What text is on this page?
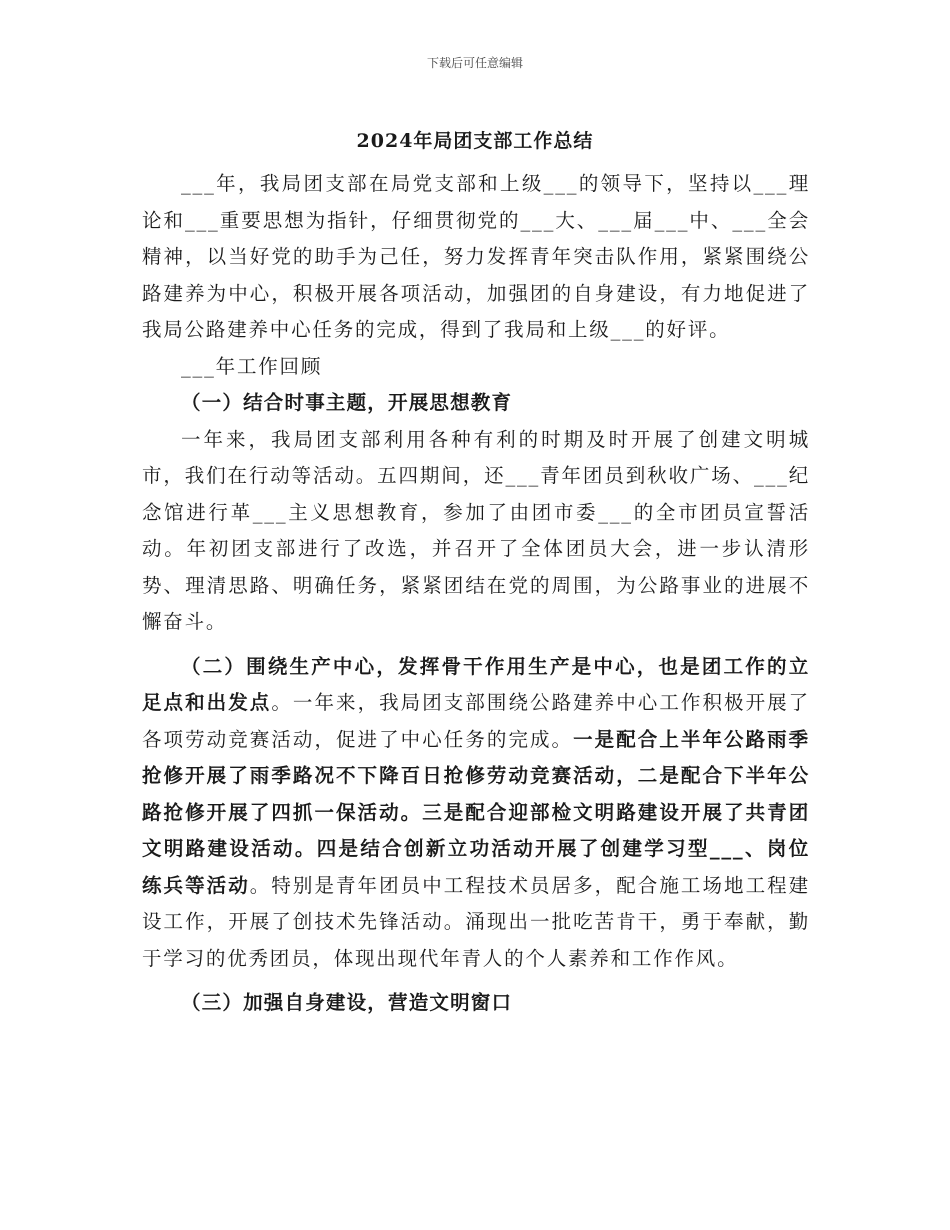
下载后可任意编辑
2024年局团支部工作总结

___年，我局团支部在局党支部和上级___的领导下，坚持以___理论和___重要思想为指针，仔细贯彻党的___大、___届___中、___全会精神，以当好党的助手为己任，努力发挥青年突击队作用，紧紧围绕公路建养为中心，积极开展各项活动，加强团的自身建设，有力地促进了我局公路建养中心任务的完成，得到了我局和上级___的好评。

___年工作回顾

（一）结合时事主题，开展思想教育

一年来，我局团支部利用各种有利的时期及时开展了创建文明城市，我们在行动等活动。五四期间，还___青年团员到秋收广场、___纪念馆进行革___主义思想教育，参加了由团市委___的全市团员宣誓活动。年初团支部进行了改选，并召开了全体团员大会，进一步认清形势、理清思路、明确任务，紧紧团结在党的周围，为公路事业的进展不懈奋斗。

（二）围绕生产中心，发挥骨干作用生产是中心，也是团工作的立足点和出发点。一年来，我局团支部围绕公路建养中心工作积极开展了各项劳动竞赛活动，促进了中心任务的完成。一是配合上半年公路雨季抢修开展了雨季路况不下降百日抢修劳动竞赛活动，二是配合下半年公路抢修开展了四抓一保活动。三是配合迎部检文明路建设开展了共青团文明路建设活动。四是结合创新立功活动开展了创建学习型___、岗位练兵等活动。特别是青年团员中工程技术员居多，配合施工场地工程建设工作，开展了创技术先锋活动。涌现出一批吃苦肯干，勇于奉献，勤于学习的优秀团员，体现出现代年青人的个人素养和工作作风。

（三）加强自身建设，营造文明窗口
